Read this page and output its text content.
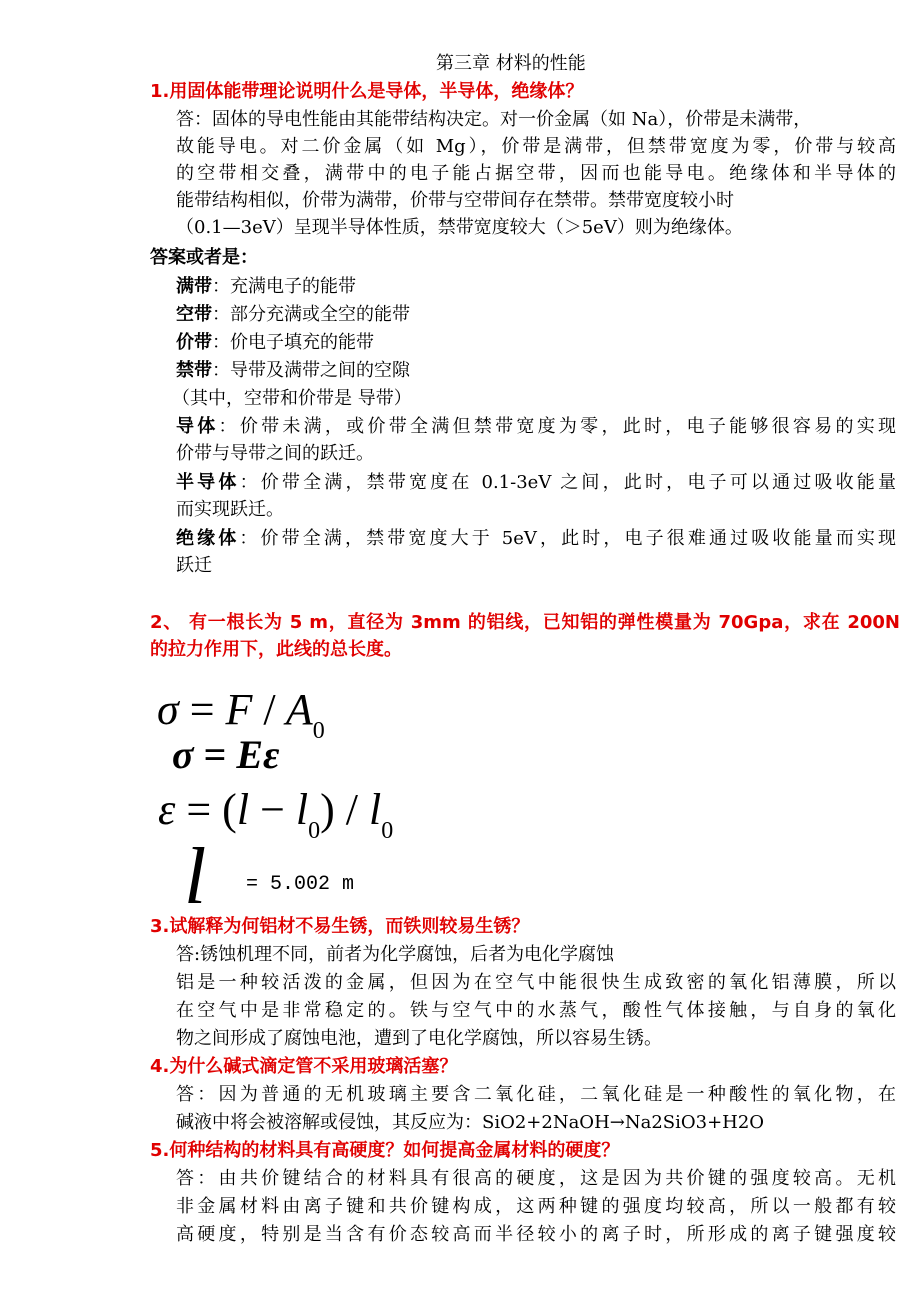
第三章 材料的性能
1.用固体能带理论说明什么是导体，半导体，绝缘体？
答：固体的导电性能由其能带结构决定。对一价金属（如 Na），价带是未满带，
故能导电。对二价金属（如 Mg），价带是满带，但禁带宽度为零，价带与较高
的空带相交叠，满带中的电子能占据空带，因而也能导电。绝缘体和半导体的
能带结构相似，价带为满带，价带与空带间存在禁带。禁带宽度较小时
（0.1—3eV）呈现半导体性质，禁带宽度较大（＞5eV）则为绝缘体。
答案或者是：
满带：充满电子的能带
空带：部分充满或全空的能带
价带：价电子填充的能带
禁带：导带及满带之间的空隙
（其中，空带和价带是 导带）
导体：价带未满，或价带全满但禁带宽度为零，此时，电子能够很容易的实现
价带与导带之间的跃迁。
半导体：价带全满，禁带宽度在 0.1-3eV 之间，此时，电子可以通过吸收能量
而实现跃迁。
绝缘体：价带全满，禁带宽度大于 5eV，此时，电子很难通过吸收能量而实现
跃迁
2、 有一根长为 5 m，直径为 3mm 的铝线，已知铝的弹性模量为 70Gpa，求在 200N
的拉力作用下，此线的总长度。
$\sigma = F / A_0$
σ = Eε
$\varepsilon = (l - l_0) / l_0$
l = 5.002 m
3.试解释为何铝材不易生锈，而铁则较易生锈？
答:锈蚀机理不同，前者为化学腐蚀，后者为电化学腐蚀
铝是一种较活泼的金属，但因为在空气中能很快生成致密的氧化铝薄膜，所以
在空气中是非常稳定的。铁与空气中的水蒸气，酸性气体接触，与自身的氧化
物之间形成了腐蚀电池，遭到了电化学腐蚀，所以容易生锈。
4.为什么碱式滴定管不采用玻璃活塞？
答：因为普通的无机玻璃主要含二氧化硅，二氧化硅是一种酸性的氧化物，在
碱液中将会被溶解或侵蚀，其反应为：SiO2+2NaOH→Na2SiO3+H2O
5.何种结构的材料具有高硬度？如何提高金属材料的硬度？
答：由共价键结合的材料具有很高的硬度，这是因为共价键的强度较高。无机
非金属材料由离子键和共价键构成，这两种键的强度均较高，所以一般都有较
高硬度，特别是当含有价态较高而半径较小的离子时，所形成的离子键强度较
